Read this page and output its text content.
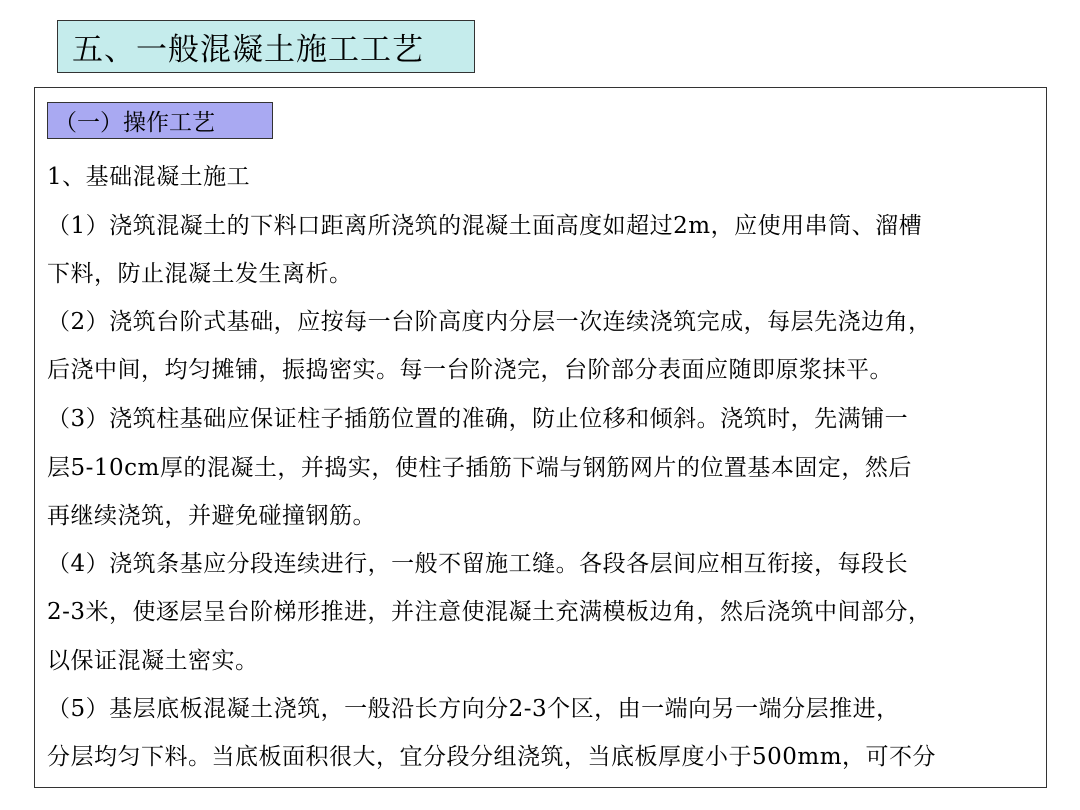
五、一般混凝土施工工艺
（一）操作工艺
1、基础混凝土施工
（1）浇筑混凝土的下料口距离所浇筑的混凝土面高度如超过2m，应使用串筒、溜槽
下料，防止混凝土发生离析。
（2）浇筑台阶式基础，应按每一台阶高度内分层一次连续浇筑完成，每层先浇边角，
后浇中间，均匀摊铺，振捣密实。每一台阶浇完，台阶部分表面应随即原浆抹平。
（3）浇筑柱基础应保证柱子插筋位置的准确，防止位移和倾斜。浇筑时，先满铺一
层5-10cm厚的混凝土，并捣实，使柱子插筋下端与钢筋网片的位置基本固定，然后
再继续浇筑，并避免碰撞钢筋。
（4）浇筑条基应分段连续进行，一般不留施工缝。各段各层间应相互衔接，每段长
2-3米，使逐层呈台阶梯形推进，并注意使混凝土充满模板边角，然后浇筑中间部分，
以保证混凝土密实。
（5）基层底板混凝土浇筑，一般沿长方向分2-3个区，由一端向另一端分层推进，
分层均匀下料。当底板面积很大，宜分段分组浇筑，当底板厚度小于500mm，可不分
